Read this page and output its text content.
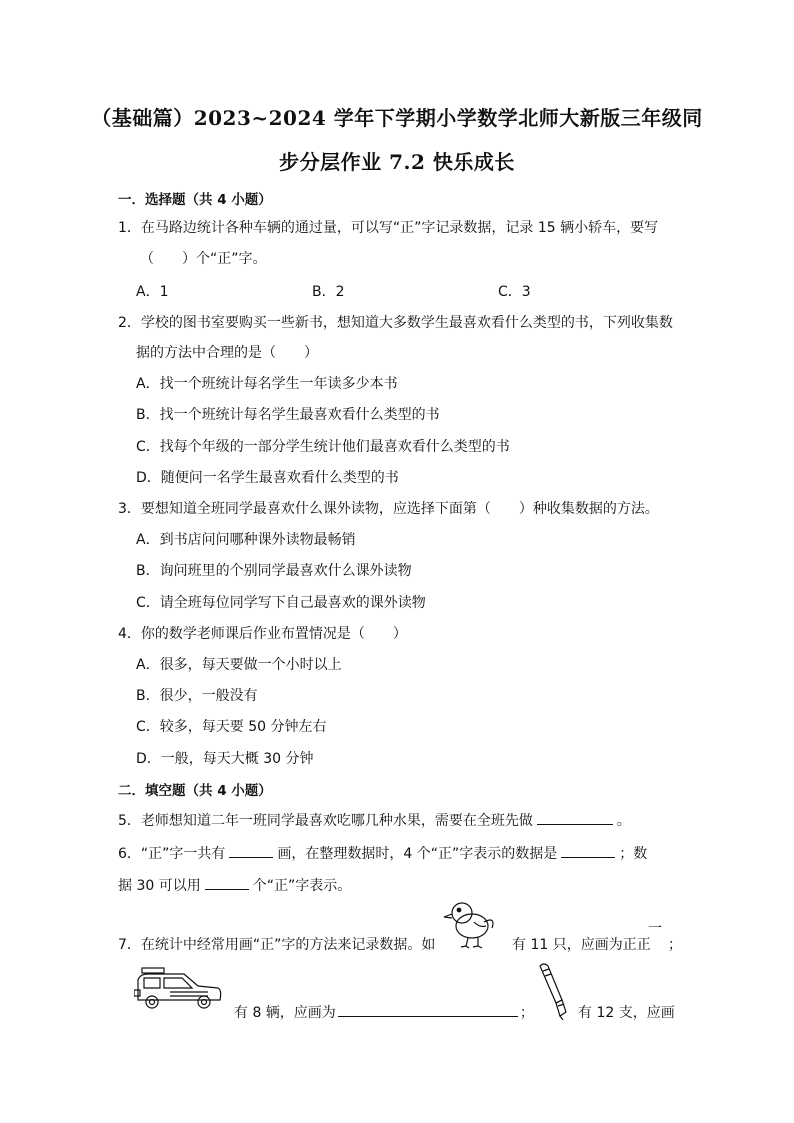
（基础篇）2023~2024 学年下学期小学数学北师大新版三年级同
步分层作业 7.2 快乐成长
一．选择题（共 4 小题）
1．在马路边统计各种车辆的通过量，可以写“正”字记录数据，记录 15 辆小轿车，要写
（　　）个“正”字。
A．1	B．2	C．3
2．学校的图书室要购买一些新书，想知道大多数学生最喜欢看什么类型的书，下列收集数
据的方法中合理的是（　　）
A．找一个班统计每名学生一年读多少本书
B．找一个班统计每名学生最喜欢看什么类型的书
C．找每个年级的一部分学生统计他们最喜欢看什么类型的书
D．随便问一名学生最喜欢看什么类型的书
3．要想知道全班同学最喜欢什么课外读物，应选择下面第（　　）种收集数据的方法。
A．到书店问问哪种课外读物最畅销
B．询问班里的个别同学最喜欢什么课外读物
C．请全班每位同学写下自己最喜欢的课外读物
4．你的数学老师课后作业布置情况是（　　）
A．很多，每天要做一个小时以上
B．很少，一般没有
C．较多，每天要 50 分钟左右
D．一般，每天大概 30 分钟
二．填空题（共 4 小题）
5．老师想知道二年一班同学最喜欢吃哪几种水果，需要在全班先做	。
6．“正”字一共有	画，在整理数据时，4 个“正”字表示的数据是	；数
据 30 可以用	个“正”字表示。
7．在统计中经常用画“正”字的方法来记录数据。如	有 11 只，应画为正正
一
；
有 8 辆，应画为	；	有 12 支，应画
